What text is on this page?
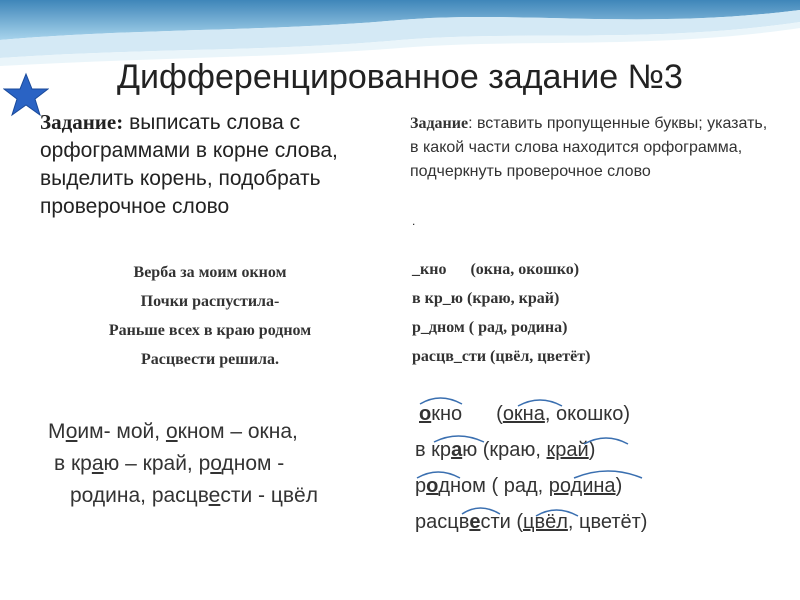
Дифференцированное задание №3
Задание: выписать слова с орфограммами в корне слова, выделить корень, подобрать проверочное слово
Задание: вставить пропущенные буквы; указать, в какой части слова находится орфограмма, подчеркнуть проверочное слово
.
Верба за моим окном
Почки распустила-
Раньше всех в краю родном
Расцвести решила.
_кно      (окна, окошко)
в кр_ю (краю, край)
р_дном ( рад, родина)
расцв_сти (цвёл, цветёт)
Моим- мой, окном – окна,
в краю – край, родном -
родина, расцвести - цвёл
окно (окна, окошко)
в краю (краю, край)
родном ( рад, родина)
расцвести (цвёл, цветёт)
